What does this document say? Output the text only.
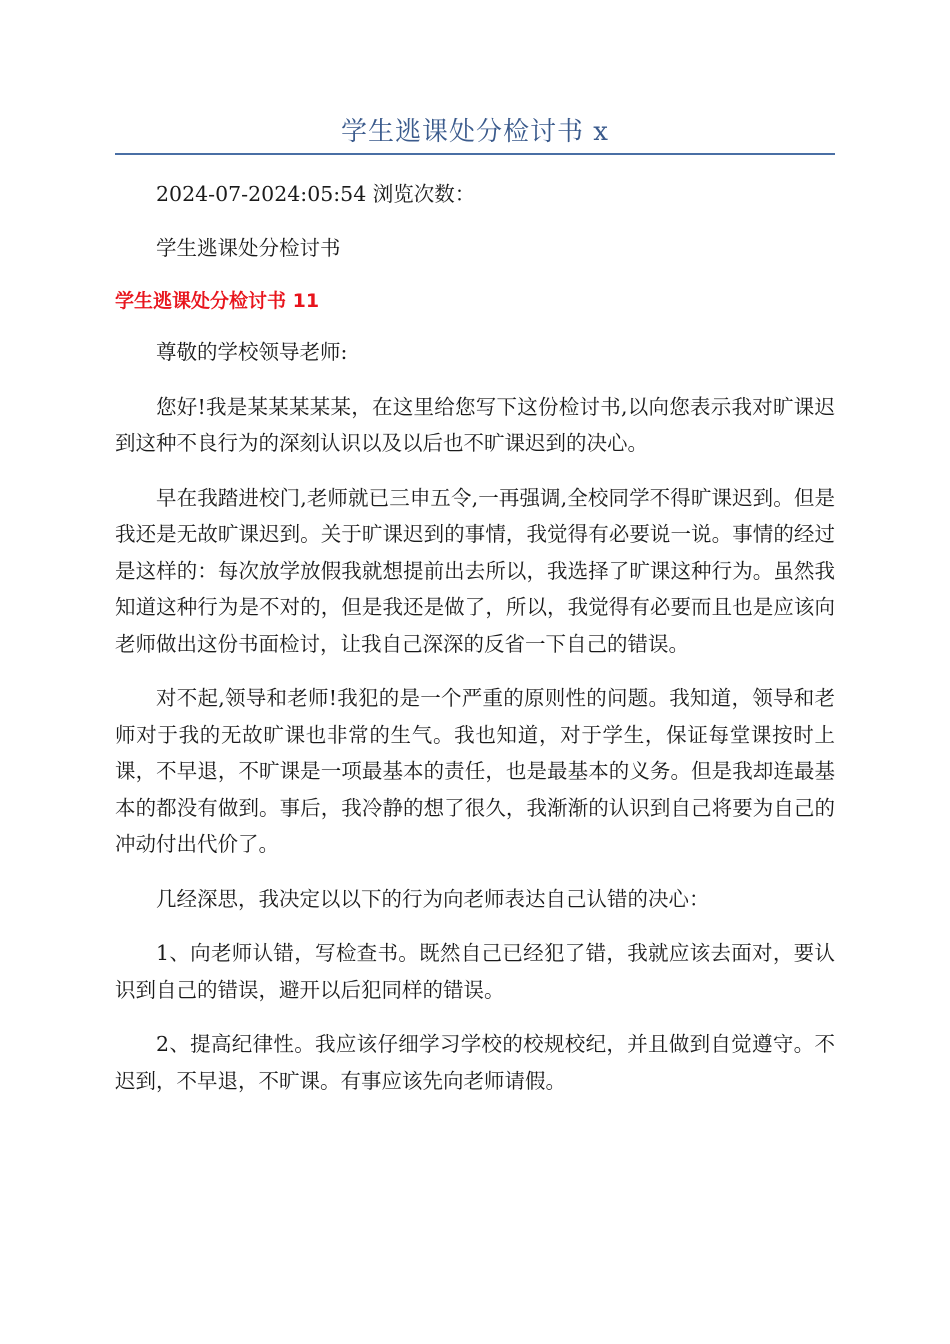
学生逃课处分检讨书 x

2024-07-2024:05:54 浏览次数：

学生逃课处分检讨书

学生逃课处分检讨书 11

尊敬的学校领导老师:

您好!我是某某某某某，在这里给您写下这份检讨书,以向您表示我对旷课迟到这种不良行为的深刻认识以及以后也不旷课迟到的决心。

早在我踏进校门,老师就已三申五令,一再强调,全校同学不得旷课迟到。但是我还是无故旷课迟到。关于旷课迟到的事情，我觉得有必要说一说。事情的经过是这样的：每次放学放假我就想提前出去所以，我选择了旷课这种行为。虽然我知道这种行为是不对的，但是我还是做了，所以，我觉得有必要而且也是应该向老师做出这份书面检讨，让我自己深深的反省一下自己的错误。

对不起,领导和老师!我犯的是一个严重的原则性的问题。我知道，领导和老师对于我的无故旷课也非常的生气。我也知道，对于学生，保证每堂课按时上课，不早退，不旷课是一项最基本的责任，也是最基本的义务。但是我却连最基本的都没有做到。事后，我冷静的想了很久，我渐渐的认识到自己将要为自己的冲动付出代价了。

几经深思，我决定以以下的行为向老师表达自己认错的决心：

1、向老师认错，写检查书。既然自己已经犯了错，我就应该去面对，要认识到自己的错误，避开以后犯同样的错误。

2、提高纪律性。我应该仔细学习学校的校规校纪，并且做到自觉遵守。不迟到，不早退，不旷课。有事应该先向老师请假。
